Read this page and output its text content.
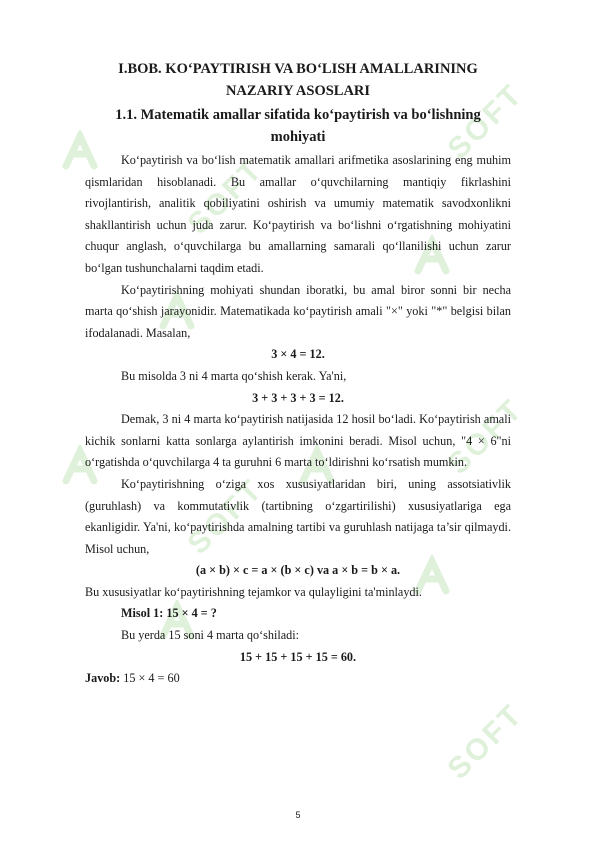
SOFT
SOFT
SOFT
SOFT
SOFT
I.BOB. KO‘PAYTIRISH VA BO‘LISH AMALLARINING
NAZARIY ASOSLARI
1.1. Matematik amallar sifatida ko‘paytirish va bo‘lishning
mohiyati

Ko‘paytirish va bo‘lish matematik amallari arifmetika asoslarining eng muhim qismlaridan hisoblanadi. Bu amallar o‘quvchilarning mantiqiy fikrlashini rivojlantirish, analitik qobiliyatini oshirish va umumiy matematik savodxonlikni shakllantirish uchun juda zarur. Ko‘paytirish va bo‘lishni o‘rgatishning mohiyatini chuqur anglash, o‘quvchilarga bu amallarning samarali qo‘llanilishi uchun zarur bo‘lgan tushunchalarni taqdim etadi.

Ko‘paytirishning mohiyati shundan iboratki, bu amal biror sonni bir necha marta qo‘shish jarayonidir. Matematikada ko‘paytirish amali "×" yoki "*" belgisi bilan ifodalanadi. Masalan,

3 × 4 = 12.

Bu misolda 3 ni 4 marta qo‘shish kerak. Ya'ni,

3 + 3 + 3 + 3 = 12.

Demak, 3 ni 4 marta ko‘paytirish natijasida 12 hosil bo‘ladi. Ko‘paytirish amali kichik sonlarni katta sonlarga aylantirish imkonini beradi. Misol uchun, "4 × 6"ni o‘rgatishda o‘quvchilarga 4 ta guruhni 6 marta to‘ldirishni ko‘rsatish mumkin.

Ko‘paytirishning o‘ziga xos xususiyatlaridan biri, uning assotsiativlik (guruhlash) va kommutativlik (tartibning o‘zgartirilishi) xususiyatlariga ega ekanligidir. Ya'ni, ko‘paytirishda amalning tartibi va guruhlash natijaga ta’sir qilmaydi. Misol uchun,

(a × b) × c = a × (b × c) va a × b = b × a.

Bu xususiyatlar ko‘paytirishning tejamkor va qulayligini ta'minlaydi.

Misol 1: 15 × 4 = ?

Bu yerda 15 soni 4 marta qo‘shiladi:

15 + 15 + 15 + 15 = 60.

Javob: 15 × 4 = 60

5
